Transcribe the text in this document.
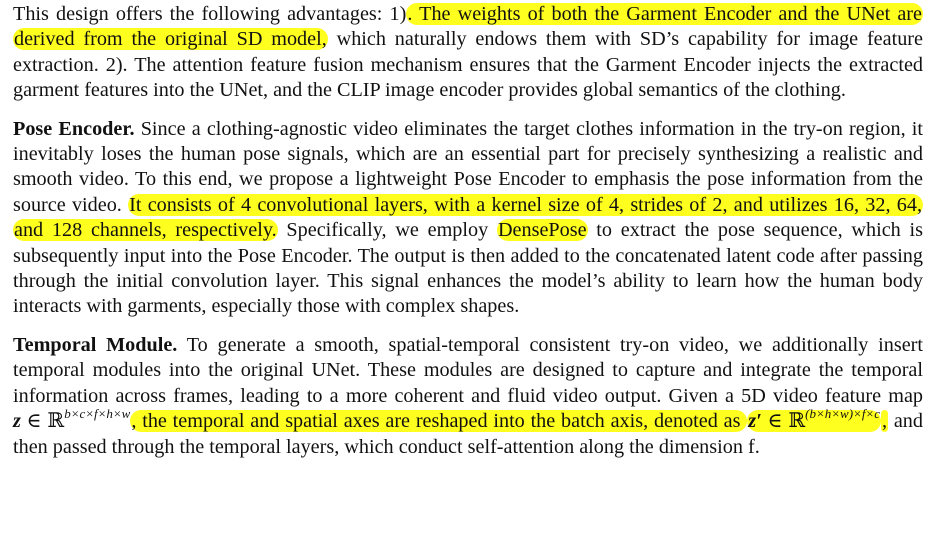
This design offers the following advantages: 1). The weights of both the Garment Encoder and the UNet are derived from the original SD model, which naturally endows them with SD’s capability for image feature extraction. 2). The attention feature fusion mechanism ensures that the Garment Encoder injects the extracted garment features into the UNet, and the CLIP image encoder provides global semantics of the clothing.

Pose Encoder. Since a clothing-agnostic video eliminates the target clothes information in the try-on region, it inevitably loses the human pose signals, which are an essential part for precisely synthesizing a realistic and smooth video. To this end, we propose a lightweight Pose Encoder to emphasis the pose information from the source video. It consists of 4 convolutional layers, with a kernel size of 4, strides of 2, and utilizes 16, 32, 64, and 128 channels, respectively. Specifically, we employ DensePose to extract the pose sequence, which is subsequently input into the Pose Encoder. The output is then added to the concatenated latent code after passing through the initial convolution layer. This signal enhances the model’s ability to learn how the human body interacts with garments, especially those with complex shapes.

Temporal Module. To generate a smooth, spatial-temporal consistent try-on video, we additionally insert temporal modules into the original UNet. These modules are designed to capture and integrate the temporal information across frames, leading to a more coherent and fluid video output. Given a 5D video feature map z ∈ ℝ$^{b\times c\times f\times h\times w}$, the temporal and spatial axes are reshaped into the batch axis, denoted as z′ ∈ ℝ$^{(b\times h\times w)\times f\times c}$, and then passed through the temporal layers, which conduct self-attention along the dimension f.
